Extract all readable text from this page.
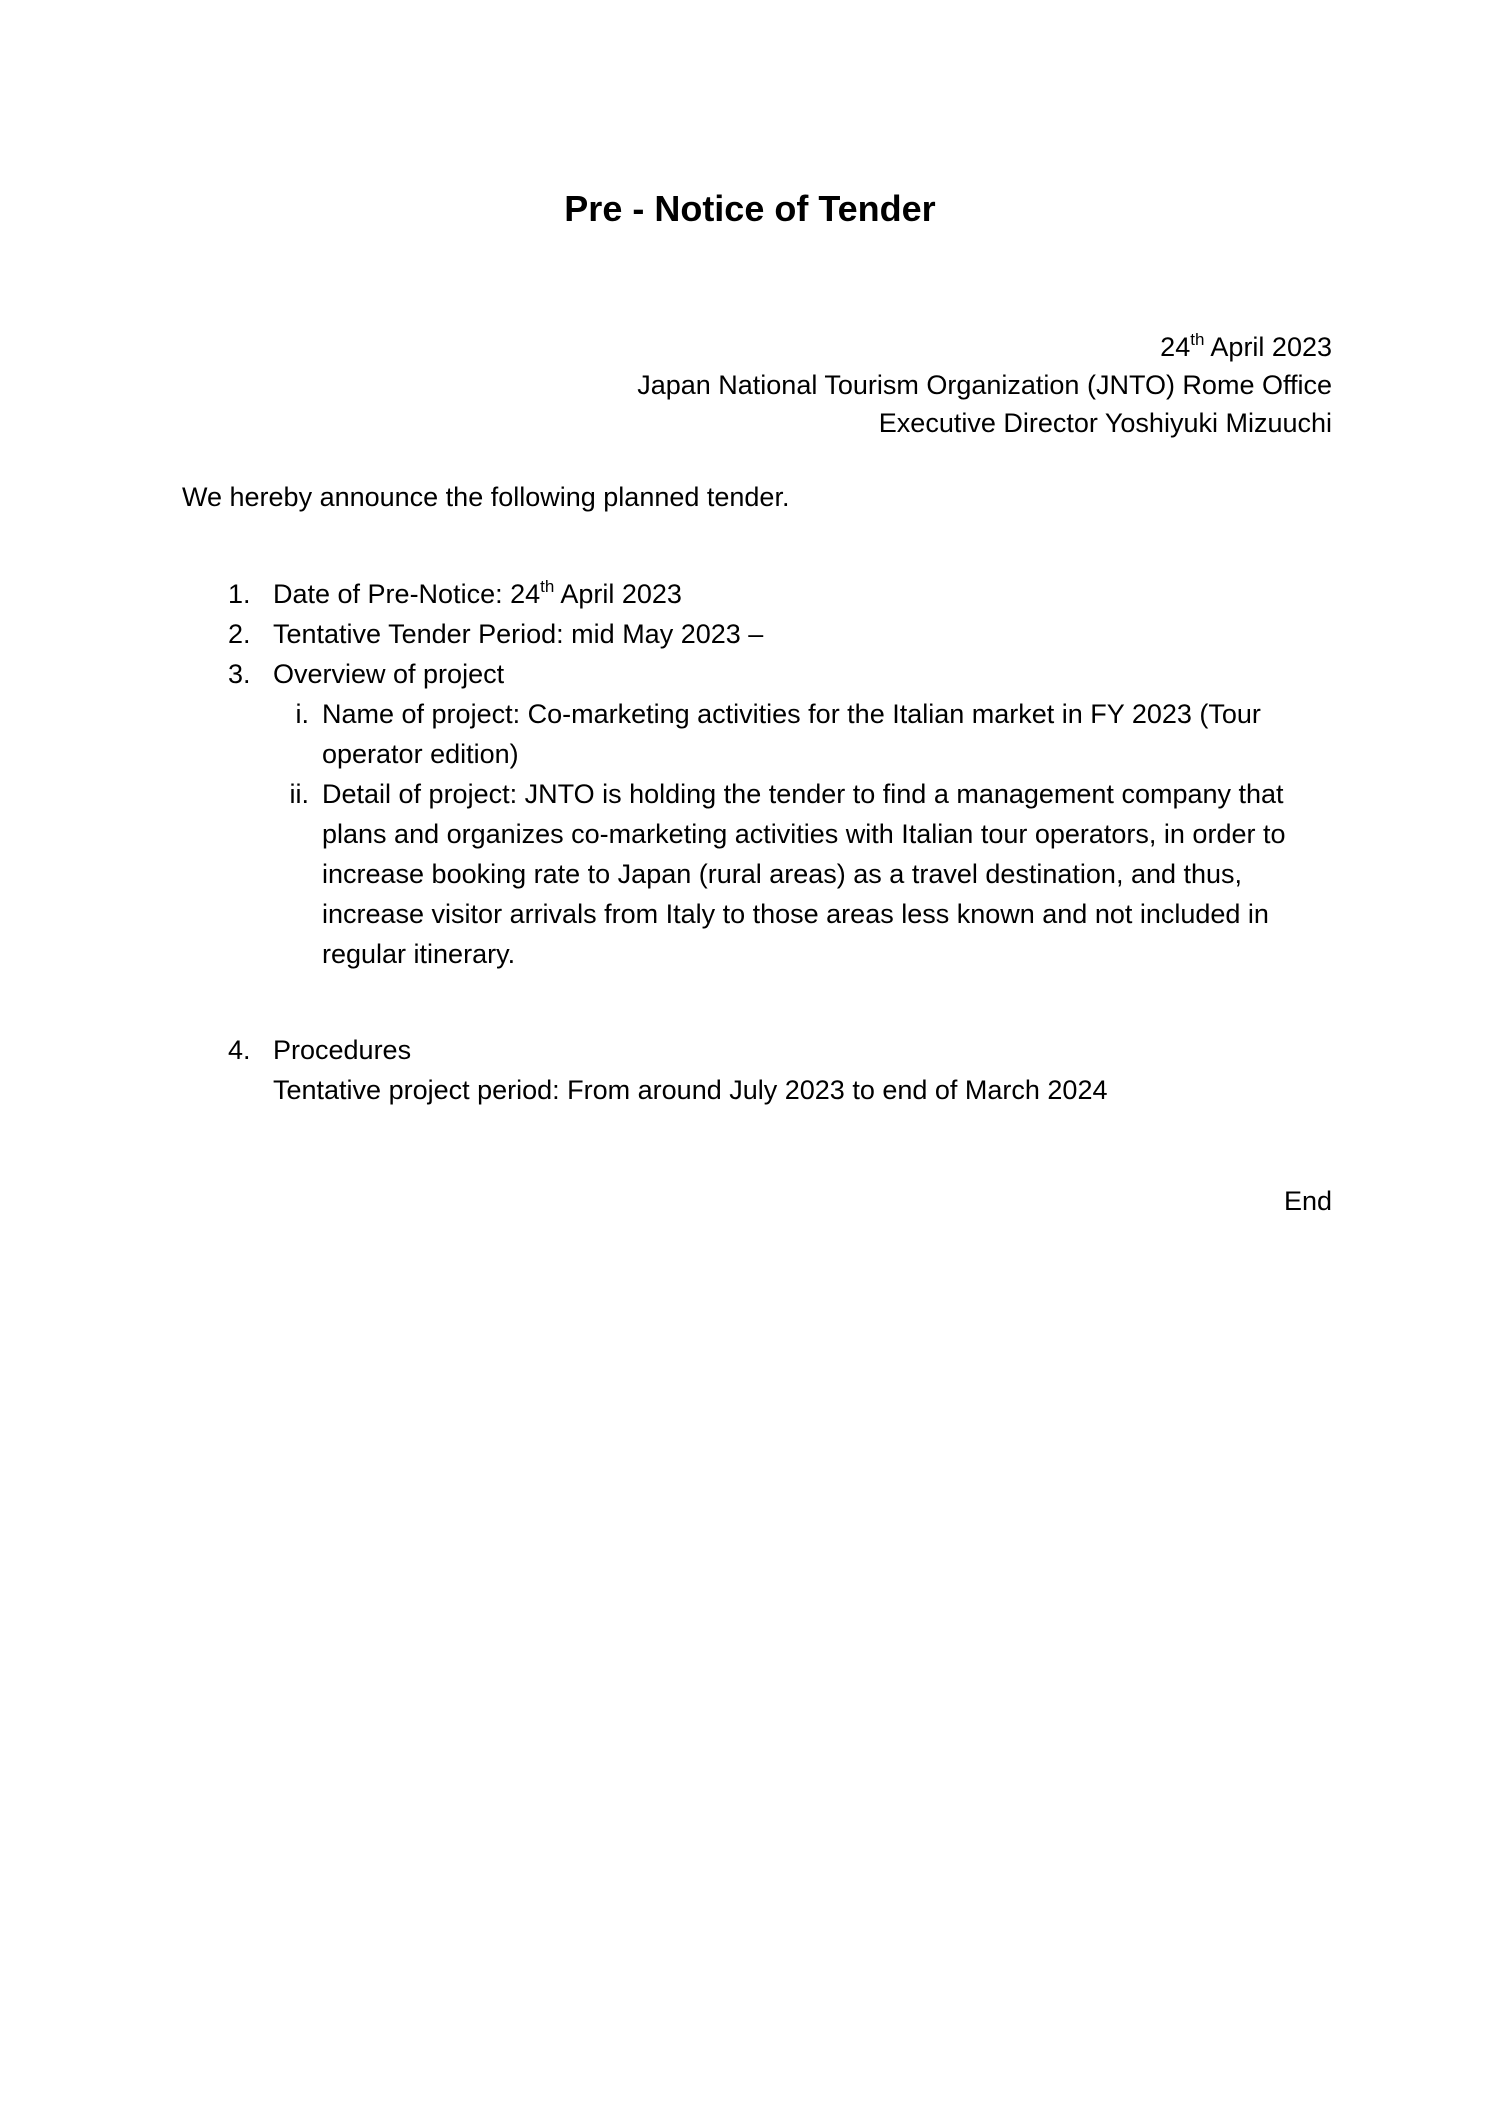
Pre - Notice of Tender
24th April 2023
Japan National Tourism Organization (JNTO) Rome Office
Executive Director Yoshiyuki Mizuuchi
We hereby announce the following planned tender.
1. Date of Pre-Notice: 24th April 2023
2. Tentative Tender Period: mid May 2023 –
3. Overview of project
i. Name of project: Co-marketing activities for the Italian market in FY 2023 (Tour operator edition)
ii. Detail of project: JNTO is holding the tender to find a management company that plans and organizes co-marketing activities with Italian tour operators, in order to increase booking rate to Japan (rural areas) as a travel destination, and thus, increase visitor arrivals from Italy to those areas less known and not included in regular itinerary.
4. Procedures
Tentative project period: From around July 2023 to end of March 2024
End
